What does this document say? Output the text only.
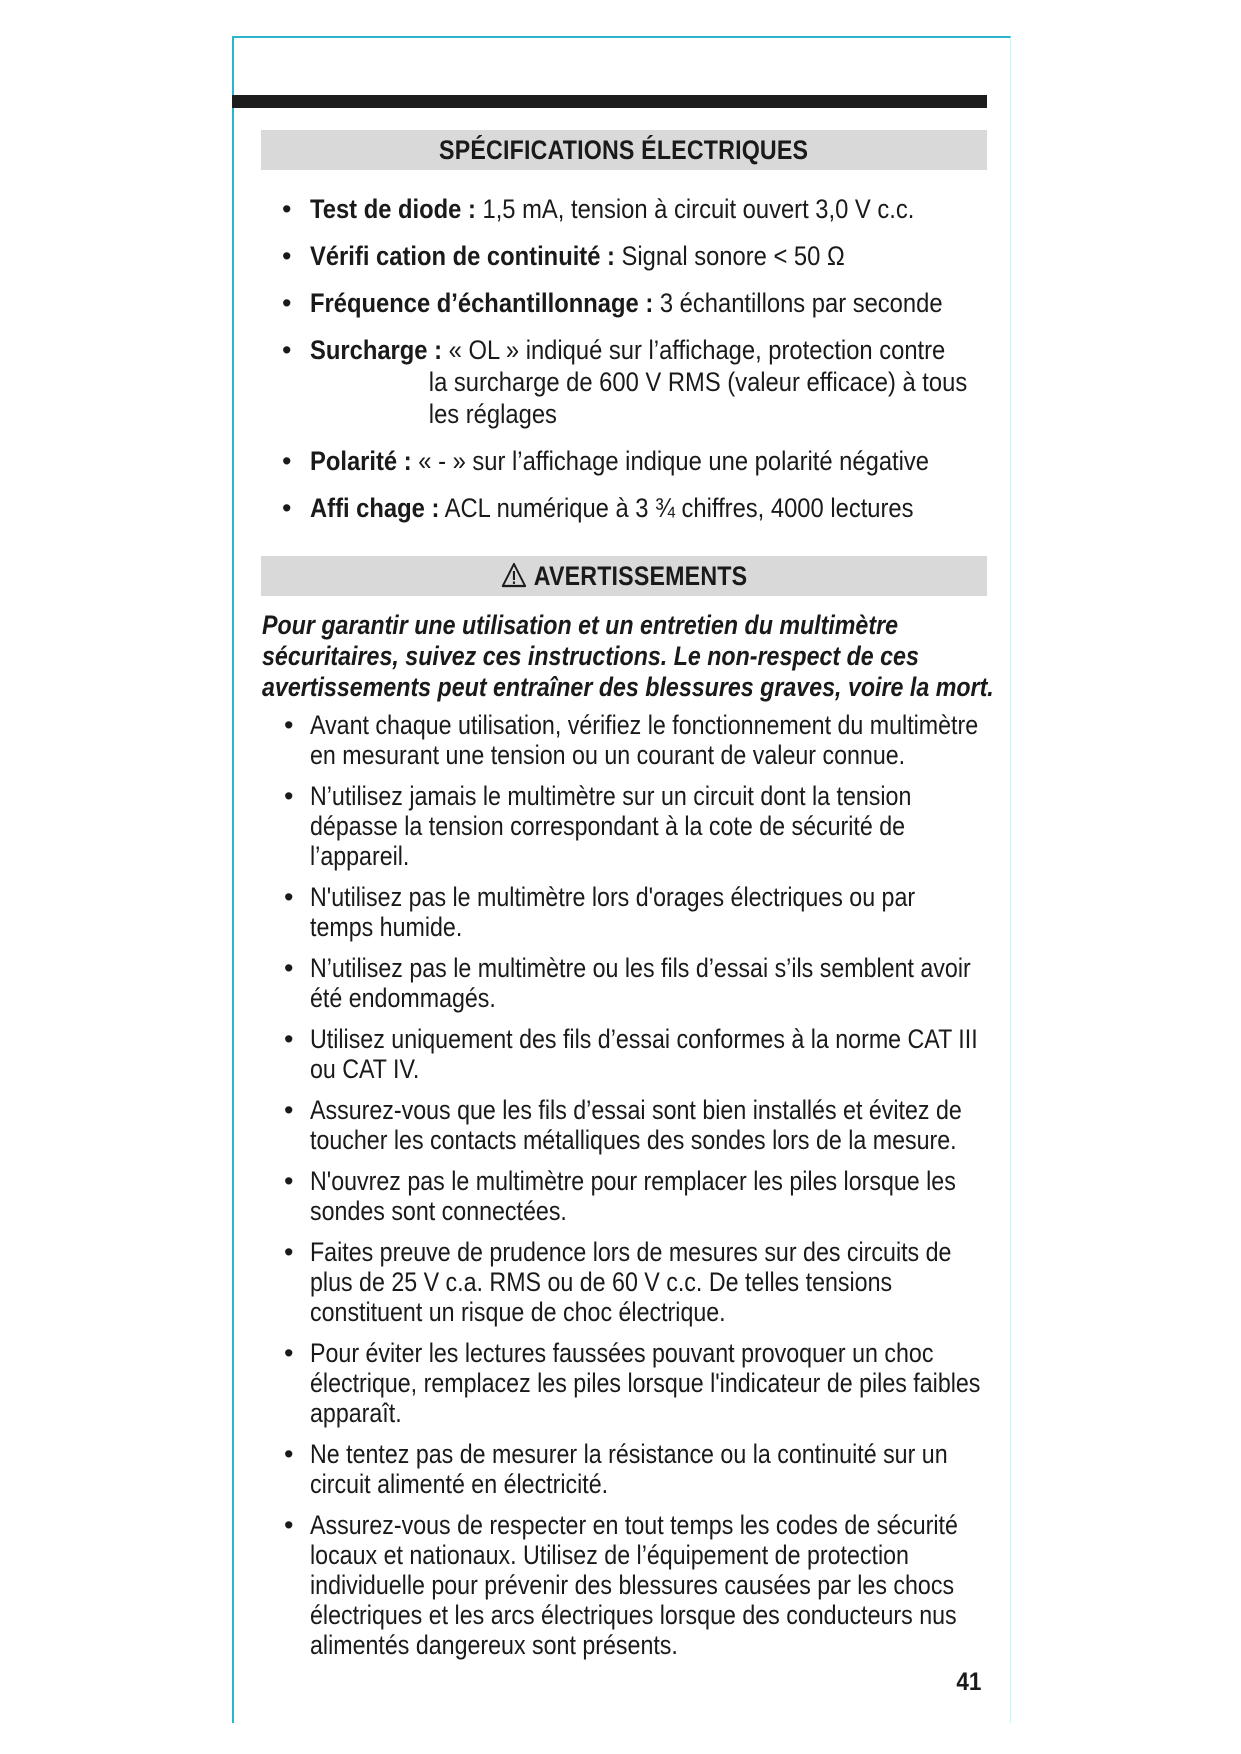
SPÉCIFICATIONS ÉLECTRIQUES
• Test de diode : 1,5 mA, tension à circuit ouvert 3,0 V c.c.
• Vérifi cation de continuité : Signal sonore < 50 Ω
• Fréquence d’échantillonnage : 3 échantillons par seconde
• Surcharge : « OL » indiqué sur l’affichage, protection contre
la surcharge de 600 V RMS (valeur efficace) à tous les réglages
• Polarité : « - » sur l’affichage indique une polarité négative
• Affi chage : ACL numérique à 3 ¾ chiffres, 4000 lectures
AVERTISSEMENTS
Pour garantir une utilisation et un entretien du multimètre sécuritaires, suivez ces instructions. Le non-respect de ces avertissements peut entraîner des blessures graves, voire la mort.
• Avant chaque utilisation, vérifiez le fonctionnement du multimètre en mesurant une tension ou un courant de valeur connue.
• N’utilisez jamais le multimètre sur un circuit dont la tension dépasse la tension correspondant à la cote de sécurité de l’appareil.
• N'utilisez pas le multimètre lors d'orages électriques ou par temps humide.
• N’utilisez pas le multimètre ou les fils d’essai s’ils semblent avoir été endommagés.
• Utilisez uniquement des fils d’essai conformes à la norme CAT III ou CAT IV.
• Assurez-vous que les fils d’essai sont bien installés et évitez de toucher les contacts métalliques des sondes lors de la mesure.
• N'ouvrez pas le multimètre pour remplacer les piles lorsque les sondes sont connectées.
• Faites preuve de prudence lors de mesures sur des circuits de plus de 25 V c.a. RMS ou de 60 V c.c. De telles tensions constituent un risque de choc électrique.
• Pour éviter les lectures faussées pouvant provoquer un choc électrique, remplacez les piles lorsque l'indicateur de piles faibles apparaît.
• Ne tentez pas de mesurer la résistance ou la continuité sur un circuit alimenté en électricité.
• Assurez-vous de respecter en tout temps les codes de sécurité locaux et nationaux. Utilisez de l’équipement de protection individuelle pour prévenir des blessures causées par les chocs électriques et les arcs électriques lorsque des conducteurs nus alimentés dangereux sont présents.
41
